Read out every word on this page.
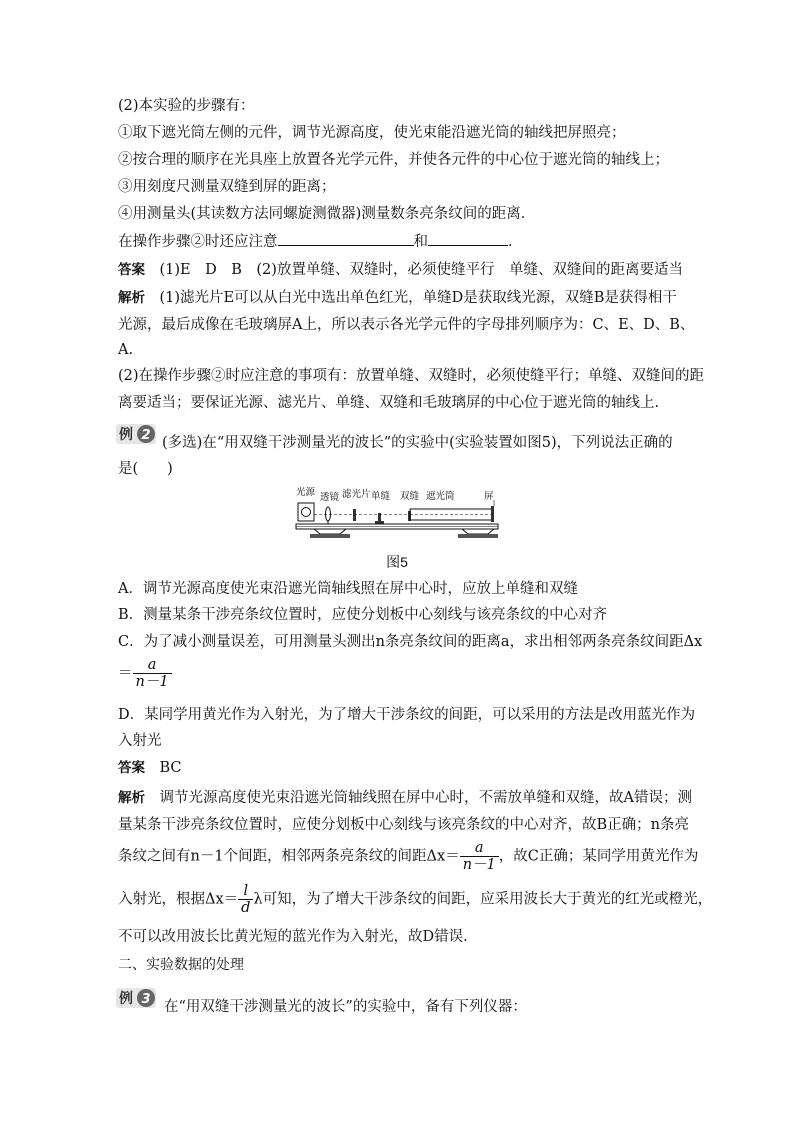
(2)本实验的步骤有：
①取下遮光筒左侧的元件，调节光源高度，使光束能沿遮光筒的轴线把屏照亮；
②按合理的顺序在光具座上放置各光学元件，并使各元件的中心位于遮光筒的轴线上；
③用刻度尺测量双缝到屏的距离；
④用测量头(其读数方法同螺旋测微器)测量数条亮条纹间的距离．
在操作步骤②时还应注意	和	．
答案  (1)E　D　B　(2)放置单缝、双缝时，必须使缝平行　单缝、双缝间的距离要适当
解析  (1)滤光片E可以从白光中选出单色红光，单缝D是获取线光源，双缝B是获得相干
光源，最后成像在毛玻璃屏A上，所以表示各光学元件的字母排列顺序为：C、E、D、B、
A.
(2)在操作步骤②时应注意的事项有：放置单缝、双缝时，必须使缝平行；单缝、双缝间的距
离要适当；要保证光源、滤光片、单缝、双缝和毛玻璃屏的中心位于遮光筒的轴线上.
例 2 (多选)在“用双缝干涉测量光的波长”的实验中(实验装置如图5)，下列说法正确的
是(　　)
光源 透镜 滤光片 单缝 双缝 遮光筒	屏
图5
A．调节光源高度使光束沿遮光筒轴线照在屏中心时，应放上单缝和双缝
B．测量某条干涉亮条纹位置时，应使分划板中心刻线与该亮条纹的中心对齐
C．为了减小测量误差，可用测量头测出n条亮条纹间的距离a，求出相邻两条亮条纹间距Δx
＝ $\frac{a}{n-1}$
D．某同学用黄光作为入射光，为了增大干涉条纹的间距，可以采用的方法是改用蓝光作为
入射光
答案  BC
解析  调节光源高度使光束沿遮光筒轴线照在屏中心时，不需放单缝和双缝，故A错误；测
量某条干涉亮条纹位置时，应使分划板中心刻线与该亮条纹的中心对齐，故B正确；n条亮
条纹之间有n－1个间距，相邻两条亮条纹的间距$\Delta x= \frac{a}{n-1}$ ，故C正确；某同学用黄光作为
入射光，根据$\Delta x= \frac{l}{d}$ λ可知，为了增大干涉条纹的间距，应采用波长大于黄光的红光或橙光，
不可以改用波长比黄光短的蓝光作为入射光，故D错误.
二、实验数据的处理
例 3 在“用双缝干涉测量光的波长”的实验中，备有下列仪器：
